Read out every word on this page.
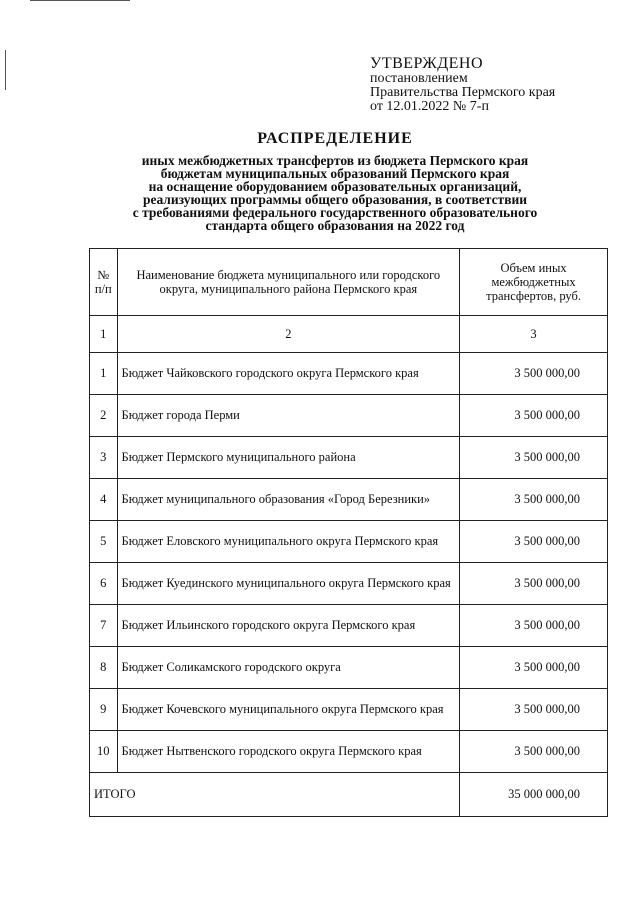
УТВЕРЖДЕНО
постановлением
Правительства Пермского края
от 12.01.2022 № 7-п
РАСПРЕДЕЛЕНИЕ
иных межбюджетных трансфертов из бюджета Пермского края
бюджетам муниципальных образований Пермского края
на оснащение оборудованием образовательных организаций,
реализующих программы общего образования, в соответствии
с требованиями федерального государственного образовательного
стандарта общего образования на 2022 год
№ п/п	Наименование бюджета муниципального или городского округа, муниципального района Пермского края	Объем иных межбюджетных трансфертов, руб.
1	2	3
1	Бюджет Чайковского городского округа Пермского края	3 500 000,00
2	Бюджет города Перми	3 500 000,00
3	Бюджет Пермского муниципального района	3 500 000,00
4	Бюджет муниципального образования «Город Березники»	3 500 000,00
5	Бюджет Еловского муниципального округа Пермского края	3 500 000,00
6	Бюджет Куединского муниципального округа Пермского края	3 500 000,00
7	Бюджет Ильинского городского округа Пермского края	3 500 000,00
8	Бюджет Соликамского городского округа	3 500 000,00
9	Бюджет Кочевского муниципального округа Пермского края	3 500 000,00
10	Бюджет Нытвенского городского округа Пермского края	3 500 000,00
ИТОГО		35 000 000,00
